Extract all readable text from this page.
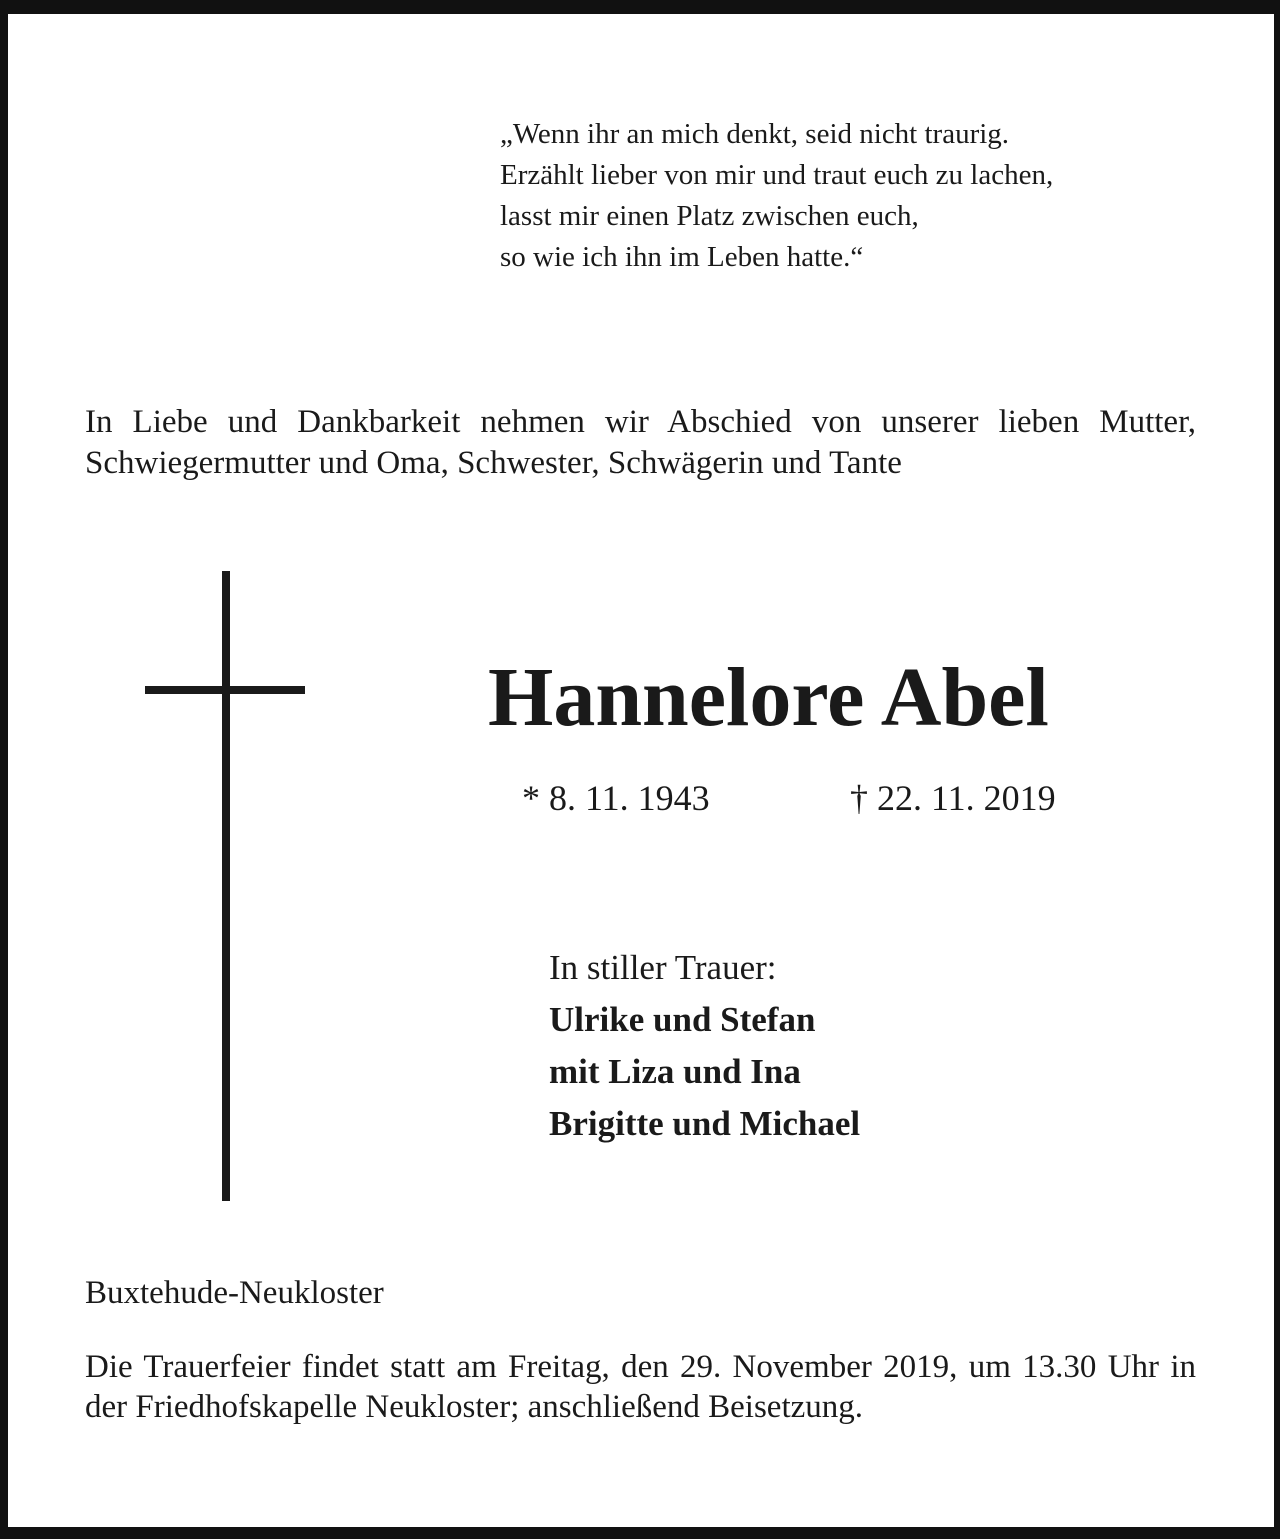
„Wenn ihr an mich denkt, seid nicht traurig.
Erzählt lieber von mir und traut euch zu lachen,
lasst mir einen Platz zwischen euch,
so wie ich ihn im Leben hatte.“
In Liebe und Dankbarkeit nehmen wir Abschied von unserer lieben Mutter, Schwiegermutter und Oma, Schwester, Schwägerin und Tante
Hannelore Abel
* 8. 11. 1943	† 22. 11. 2019
In stiller Trauer:
Ulrike und Stefan
mit Liza und Ina
Brigitte und Michael
Buxtehude-Neukloster
Die Trauerfeier findet statt am Freitag, den 29. November 2019, um 13.30 Uhr in der Friedhofskapelle Neukloster; anschließend Beisetzung.
